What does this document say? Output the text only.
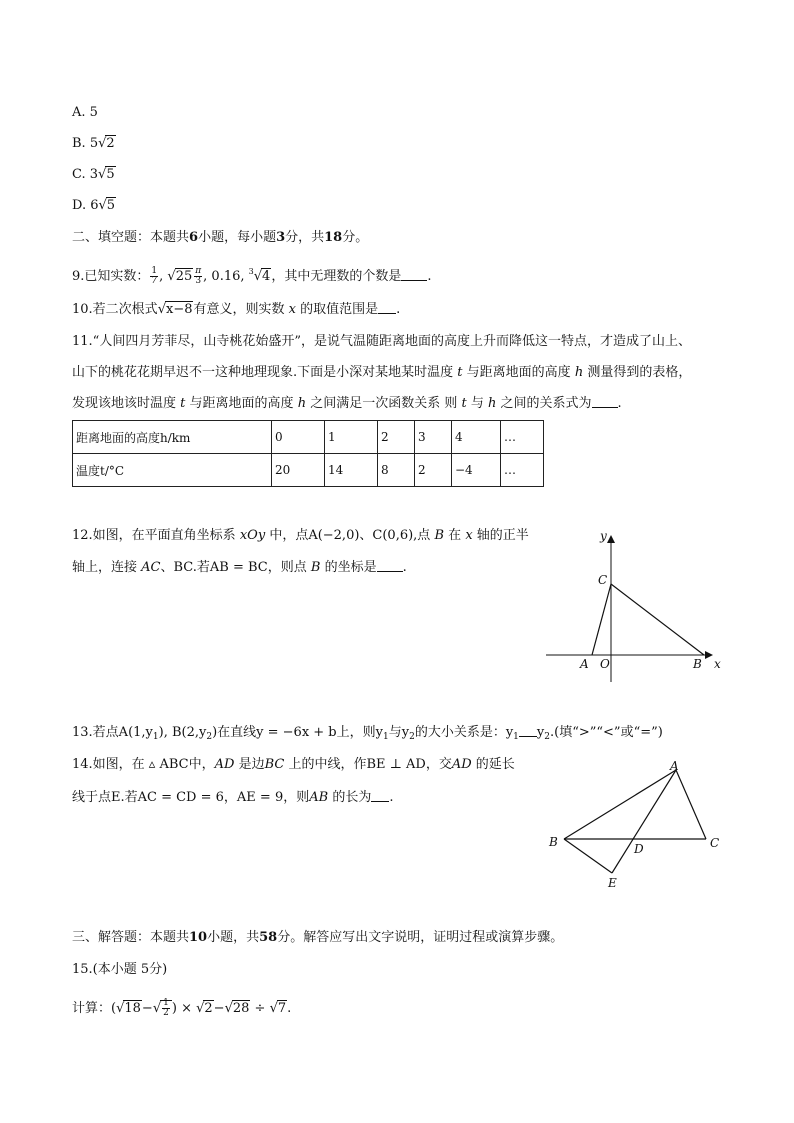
A. 5
B. 5√2
C. 3√5
D. 6√5
二、填空题：本题共6小题，每小题3分，共18分。
9.已知实数： $\frac{1}{7}$ , $√25 \frac{\pi}{3}$ , 0.16, $^3$√4，其中无理数的个数是 .
10.若二次根式√x−8有意义，则实数 x 的取值范围是 .
11.“人间四月芳菲尽，山寺桃花始盛开”，是说气温随距离地面的高度上升而降低这一特点，才造成了山上、
山下的桃花花期早迟不一这种地理现象.下面是小深对某地某时温度 t 与距离地面的高度 h 测量得到的表格，
发现该地该时温度 t 与距离地面的高度 h 之间满足一次函数关系 则 t 与 h 之间的关系式为 .
距离地面的高度h/km	0	1	2	3	4	…
温度t/°C	20	14	8	2	−4	…
12.如图，在平面直角坐标系 xOy 中，点A(−2,0)、C(0,6),点 B 在 x 轴的正半
轴上，连接 AC、BC.若AB = BC，则点 B 的坐标是 .
y
x
C
A O	B
13.若点$A(1,y_1)$, $B(2,y_2)$在直线y = −6x + b上，则$y_1$与$y_2$的大小关系是：$y_1$ $y_2$.(填“>”“<”或“=”)
14.如图，在 ▵ ABC中，AD 是边BC 上的中线，作BE ⊥ AD，交AD 的延长
线于点E.若AC = CD = 6，AE = 9，则AB 的长为 .
A
B	C
D
E
三、解答题：本题共10小题，共58分。解答应写出文字说明，证明过程或演算步骤。
15.(本小题 5分)
计算：($√18-√ \frac{1}{2}$ ) × √2−√28 ÷ √7.
